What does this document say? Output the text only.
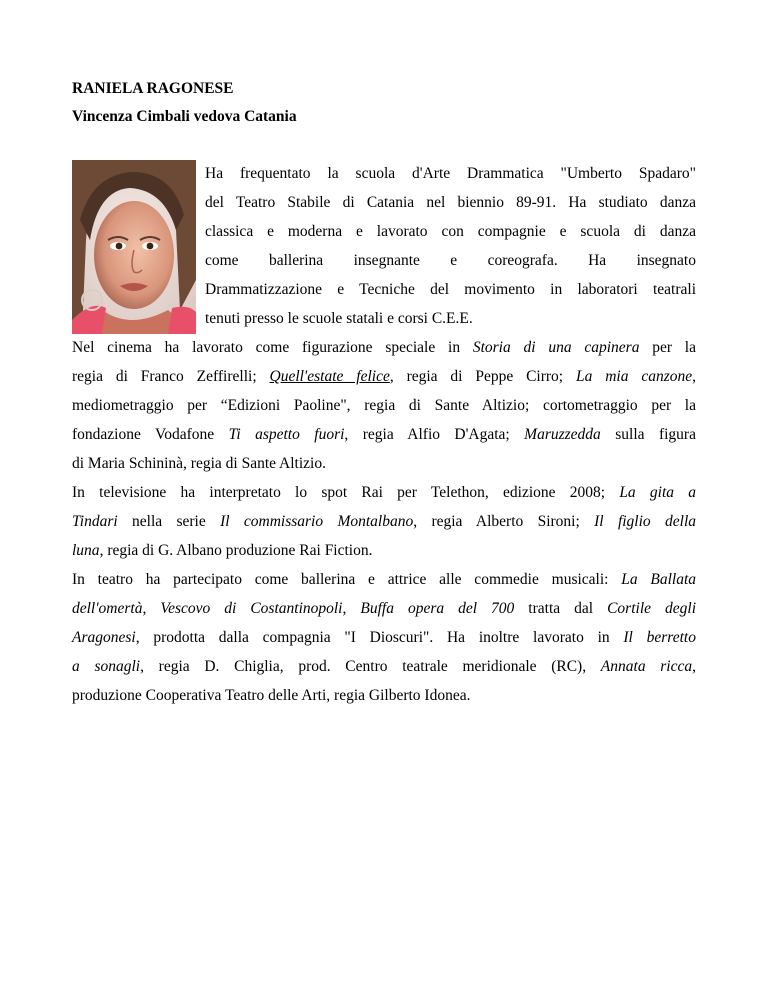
RANIELA RAGONESE

Vincenza Cimbali vedova Catania

Ha frequentato la scuola d'Arte Drammatica "Umberto Spadaro"

del Teatro Stabile di Catania nel biennio 89-91. Ha studiato danza

classica e moderna e lavorato con compagnie e scuola di danza

come ballerina insegnante e coreografa. Ha insegnato

Drammatizzazione e Tecniche del movimento in laboratori teatrali

tenuti presso le scuole statali e corsi C.E.E.

Nel cinema ha lavorato come figurazione speciale in Storia di una capinera per la

regia di Franco Zeffirelli; Quell'estate felice, regia di Peppe Cirro; La mia canzone,

mediometraggio per “Edizioni Paoline", regia di Sante Altizio; cortometraggio per la

fondazione Vodafone Ti aspetto fuori, regia Alfio D'Agata; Maruzzedda sulla figura

di Maria Schininà, regia di Sante Altizio.

In televisione ha interpretato lo spot Rai per Telethon, edizione 2008; La gita a

Tindari nella serie Il commissario Montalbano, regia Alberto Sironi; Il figlio della

luna, regia di G. Albano produzione Rai Fiction.

In teatro ha partecipato come ballerina e attrice alle commedie musicali: La Ballata

dell'omertà, Vescovo di Costantinopoli, Buffa opera del 700 tratta dal Cortile degli

Aragonesi, prodotta dalla compagnia "I Dioscuri". Ha inoltre lavorato in Il berretto

a sonagli, regia D. Chiglia, prod. Centro teatrale meridionale (RC), Annata ricca,

produzione Cooperativa Teatro delle Arti, regia Gilberto Idonea.
